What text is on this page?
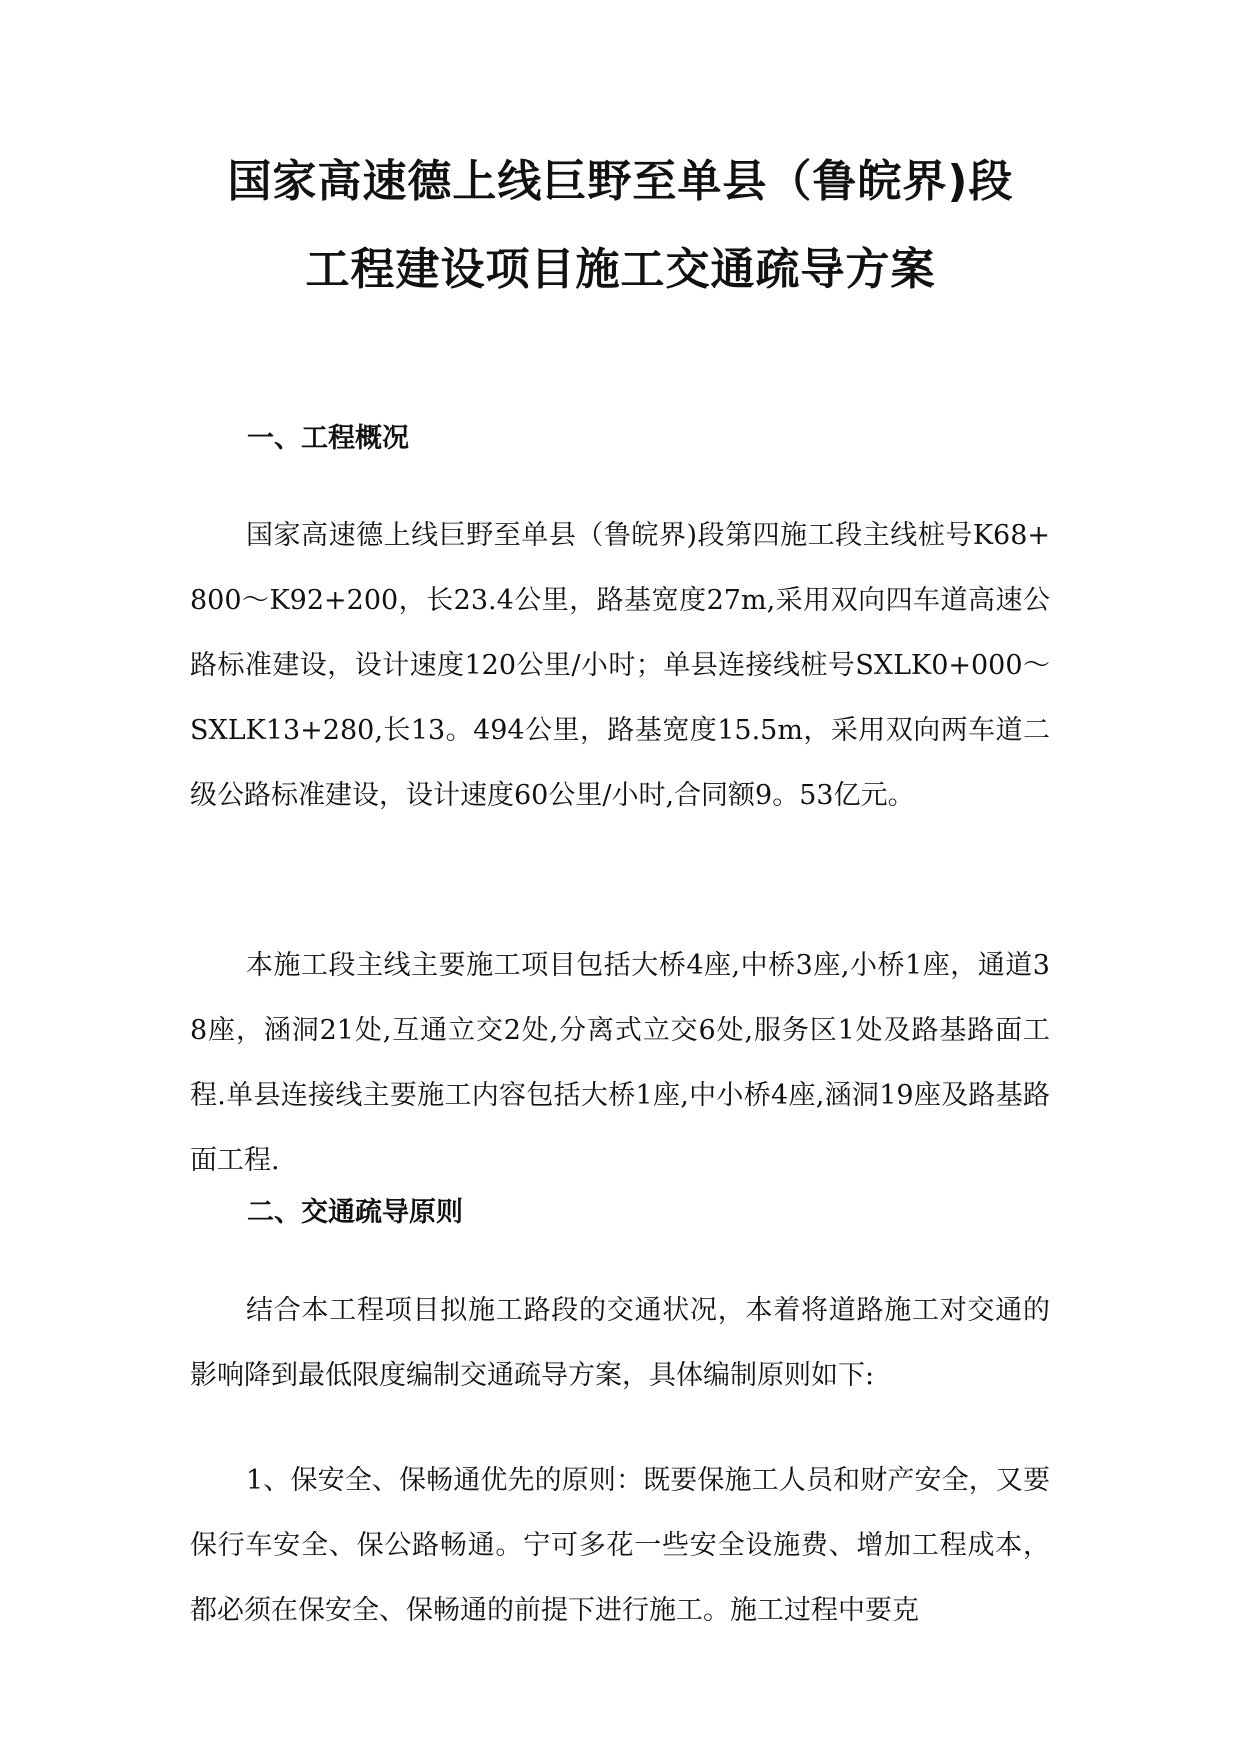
国家高速德上线巨野至单县（鲁皖界)段
工程建设项目施工交通疏导方案
一、工程概况

国家高速德上线巨野至单县（鲁皖界)段第四施工段主线桩号K68+800～K92+200，长23.4公里，路基宽度27m,采用双向四车道高速公路标准建设，设计速度120公里/小时；单县连接线桩号SXLK0+000～SXLK13+280,长13。494公里，路基宽度15.5m，采用双向两车道二级公路标准建设，设计速度60公里/小时,合同额9。53亿元。

本施工段主线主要施工项目包括大桥4座,中桥3座,小桥1座，通道38座，涵洞21处,互通立交2处,分离式立交6处,服务区1处及路基路面工程.单县连接线主要施工内容包括大桥1座,中小桥4座,涵洞19座及路基路面工程.

二、交通疏导原则

结合本工程项目拟施工路段的交通状况，本着将道路施工对交通的影响降到最低限度编制交通疏导方案，具体编制原则如下:

1、保安全、保畅通优先的原则：既要保施工人员和财产安全，又要保行车安全、保公路畅通。宁可多花一些安全设施费、增加工程成本，都必须在保安全、保畅通的前提下进行施工。施工过程中要克
